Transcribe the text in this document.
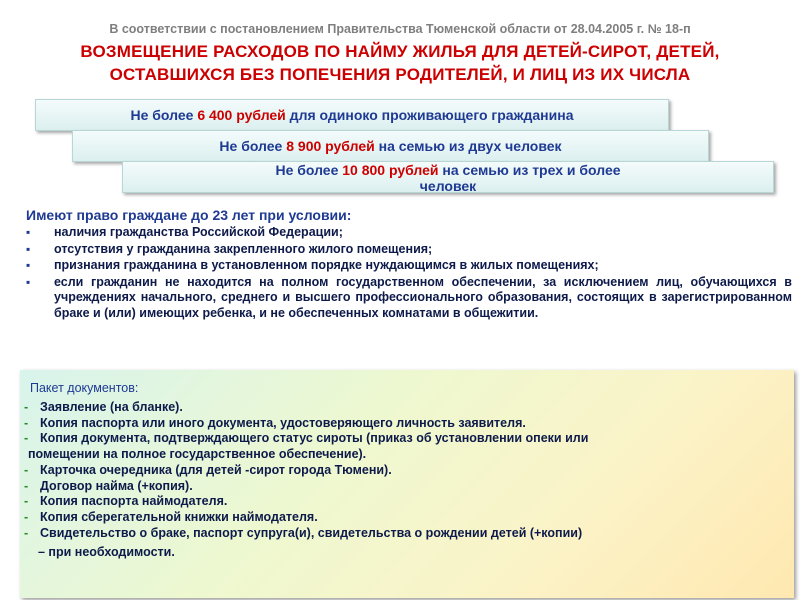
В соответствии с постановлением Правительства Тюменской области от 28.04.2005 г. № 18-п
ВОЗМЕЩЕНИЕ РАСХОДОВ ПО НАЙМУ ЖИЛЬЯ ДЛЯ ДЕТЕЙ-СИРОТ, ДЕТЕЙ,
ОСТАВШИХСЯ БЕЗ ПОПЕЧЕНИЯ РОДИТЕЛЕЙ, И ЛИЦ ИЗ ИХ ЧИСЛА
Не более 6 400 рублей для одиноко проживающего гражданина
Не более 8 900 рублей на семью из двух человек
Не более 10 800 рублей на семью из трех и более
человек
Имеют право граждане до 23 лет при условии:
▪ наличия гражданства Российской Федерации;
▪ отсутствия у гражданина закрепленного жилого помещения;
▪ признания гражданина в установленном порядке нуждающимся в жилых помещениях;
▪ если гражданин не находится на полном государственном обеспечении, за исключением лиц, обучающихся в учреждениях начального, среднего и высшего профессионального образования, состоящих в зарегистрированном браке и (или) имеющих ребенка, и не обеспеченных комнатами в общежитии.
Пакет документов:
- Заявление (на бланке).
- Копия паспорта или иного документа, удостоверяющего личность заявителя.
- Копия документа, подтверждающего статус сироты (приказ об установлении опеки или
помещении на полное государственное обеспечение).
- Карточка очередника (для детей -сирот города Тюмени).
- Договор найма (+копия).
- Копия паспорта наймодателя.
- Копия сберегательной книжки наймодателя.
- Свидетельство о браке, паспорт супруга(и), свидетельства о рождении детей (+копии)
– при необходимости.
